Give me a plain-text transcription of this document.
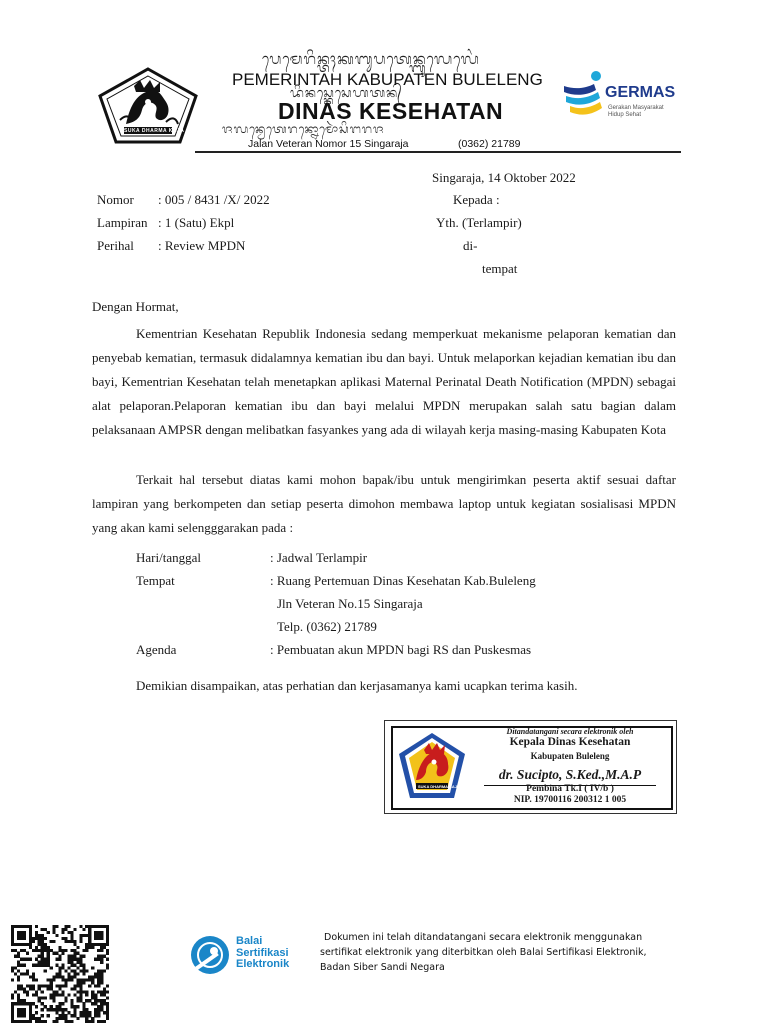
SUKA DHARMA KAJA
ᬧᬾᬫᬾᬭᬶᬦ᭄ᬢᬄᬓᬩᬸᬧᬢᬾᬦ᭄ᬩᬸᬮᬾᬮᬾᬂ
PEMERINTAH KABUPATEN BULELENG
ᬤᬶᬦᬲ᭄ᬓᬾᬲᬾᬳᬢᬦ᭄
DINAS KESEHATAN
ᬚᬮᬦ᭄ᬯᬾᬢᬾᬭᬦ᭄ᬦᭀᬫᭀᬃᬲᬶᬗᬭᬚ
Jalan Veteran Nomor 15 Singaraja	(0362) 21789
GERMAS
Gerakan Masyarakat Hidup Sehat
Singaraja, 14 Oktober 2022
Nomor : 005 / 8431 /X/ 2022
Lampiran : 1 (Satu) Ekpl
Perihal : Review MPDN
Kepada :
Yth. (Terlampir)
di-
tempat
Dengan Hormat,
Kementrian Kesehatan Republik Indonesia sedang memperkuat mekanisme pelaporan kematian dan penyebab kematian, termasuk didalamnya kematian ibu dan bayi. Untuk melaporkan kejadian kematian ibu dan bayi, Kementrian Kesehatan telah menetapkan aplikasi Maternal Perinatal Death Notification (MPDN) sebagai alat pelaporan.Pelaporan kematian ibu dan bayi melalui MPDN merupakan salah satu bagian dalam pelaksanaan AMPSR dengan melibatkan fasyankes yang ada di wilayah kerja masing-masing Kabupaten Kota
Terkait hal tersebut diatas kami mohon bapak/ibu untuk mengirimkan peserta aktif sesuai daftar lampiran yang berkompeten dan setiap peserta dimohon membawa laptop untuk kegiatan sosialisasi MPDN yang akan kami selengggarakan pada :
Hari/tanggal	: Jadwal Terlampir
Tempat	: Ruang Pertemuan Dinas Kesehatan Kab.Buleleng
Jln Veteran No.15 Singaraja
Telp. (0362) 21789
Agenda	: Pembuatan akun MPDN bagi RS dan Puskesmas
Demikian disampaikan, atas perhatian dan kerjasamanya kami ucapkan terima kasih.
SUKA DHARMA KAJA
Ditandatangani secara elektronik oleh
Kepala Dinas Kesehatan
Kabupaten Buleleng
dr. Sucipto, S.Ked.,M.A.P
Pembina Tk.I ( IV/b )
NIP. 19700116 200312 1 005
Balai
Sertifikasi
Elektronik
Dokumen ini telah ditandatangani secara elektronik menggunakan
sertifikat elektronik yang diterbitkan oleh Balai Sertifikasi Elektronik,
Badan Siber Sandi Negara
